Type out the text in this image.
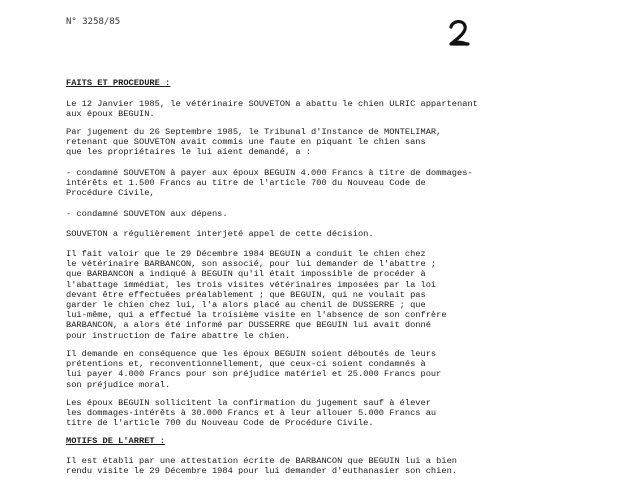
N° 3258/85

FAITS ET PROCEDURE :

Le 12 Janvier 1985, le vétérinaire SOUVETON a abattu le chien ULRIC appartenant
aux époux BEGUIN.

Par jugement du 26 Septembre 1985, le Tribunal d'Instance de MONTELIMAR,
retenant que SOUVETON avait commis une faute en piquant le chien sans
que les propriétaires le lui aient demandé, a :

- condamné SOUVETON à payer aux époux BEGUIN 4.000 Francs à titre de dommages-
intérêts et 1.500 Francs au titre de l'article 700 du Nouveau Code de
Procédure Civile,

- condamné SOUVETON aux dépens.

SOUVETON a régulièrement interjeté appel de cette décision.

Il fait valoir que le 29 Décembre 1984 BEGUIN a conduit le chien chez
le vétérinaire BARBANCON, son associé, pour lui demander de l'abattre ;
que BARBANCON a indiqué à BEGUIN qu'il était impossible de procéder à
l'abattage immédiat, les trois visites vétérinaires imposées par la loi
devant être effectuées préalablement ; que BEGUIN, qui ne voulait pas
garder le chien chez lui, l'a alors placé au chenil de DUSSERRE ; que
lui-même, qui a effectué la troisième visite en l'absence de son confrère
BARBANCON, a alors été informé par DUSSERRE que BEGUIN lui avait donné
pour instruction de faire abattre le chien.

Il demande en conséquence que les époux BEGUIN soient déboutés de leurs
prétentions et, reconventionnellement, que ceux-ci soient condamnés à
lui payer 4.000 Francs pour son préjudice matériel et 25.000 Francs pour
son préjudice moral.

Les époux BEGUIN sollicitent la confirmation du jugement sauf à élever
les dommages-intérêts à 30.000 Francs et à leur allouer 5.000 Francs au
titre de l'article 700 du Nouveau Code de Procédure Civile.

MOTIFS DE L'ARRET :

Il est établi par une attestation écrite de BARBANCON que BEGUIN lui a bien
rendu visite le 29 Décembre 1984 pour lui demander d'euthanasier son chien.
